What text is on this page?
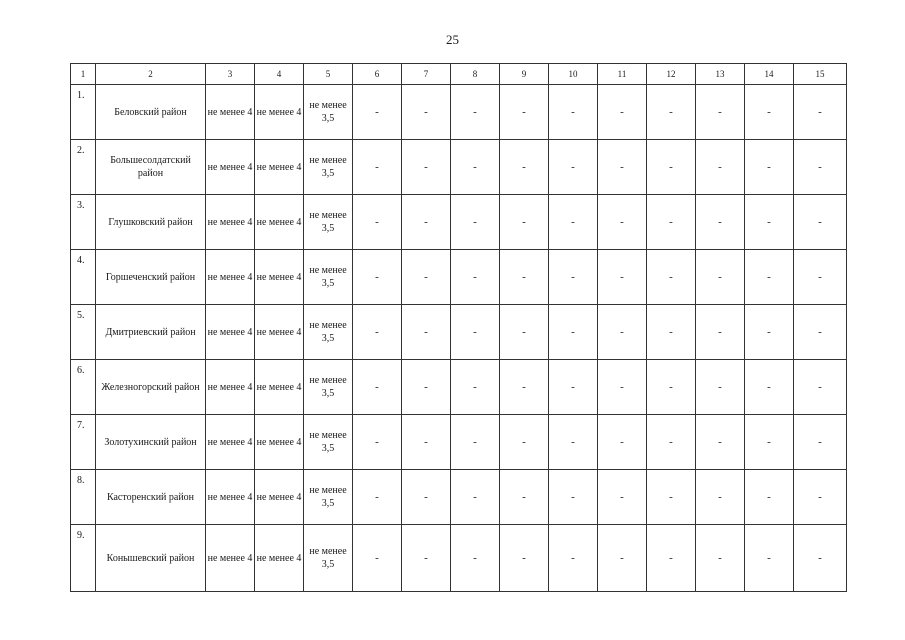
25
1	2	3	4	5	6	7	8	9	10	11	12	13	14	15
1.	Беловский район	не менее 4	не менее 4	не менее 3,5	-	-	-	-	-	-	-	-	-	-
2.	Большесолдатский район	не менее 4	не менее 4	не менее 3,5	-	-	-	-	-	-	-	-	-	-
3.	Глушковский район	не менее 4	не менее 4	не менее 3,5	-	-	-	-	-	-	-	-	-	-
4.	Горшеченский район	не менее 4	не менее 4	не менее 3,5	-	-	-	-	-	-	-	-	-	-
5.	Дмитриевский район	не менее 4	не менее 4	не менее 3,5	-	-	-	-	-	-	-	-	-	-
6.	Железногорский район	не менее 4	не менее 4	не менее 3,5	-	-	-	-	-	-	-	-	-	-
7.	Золотухинский район	не менее 4	не менее 4	не менее 3,5	-	-	-	-	-	-	-	-	-	-
8.	Касторенский район	не менее 4	не менее 4	не менее 3,5	-	-	-	-	-	-	-	-	-	-
9.	Конышевский район	не менее 4	не менее 4	не менее 3,5	-	-	-	-	-	-	-	-	-	-
